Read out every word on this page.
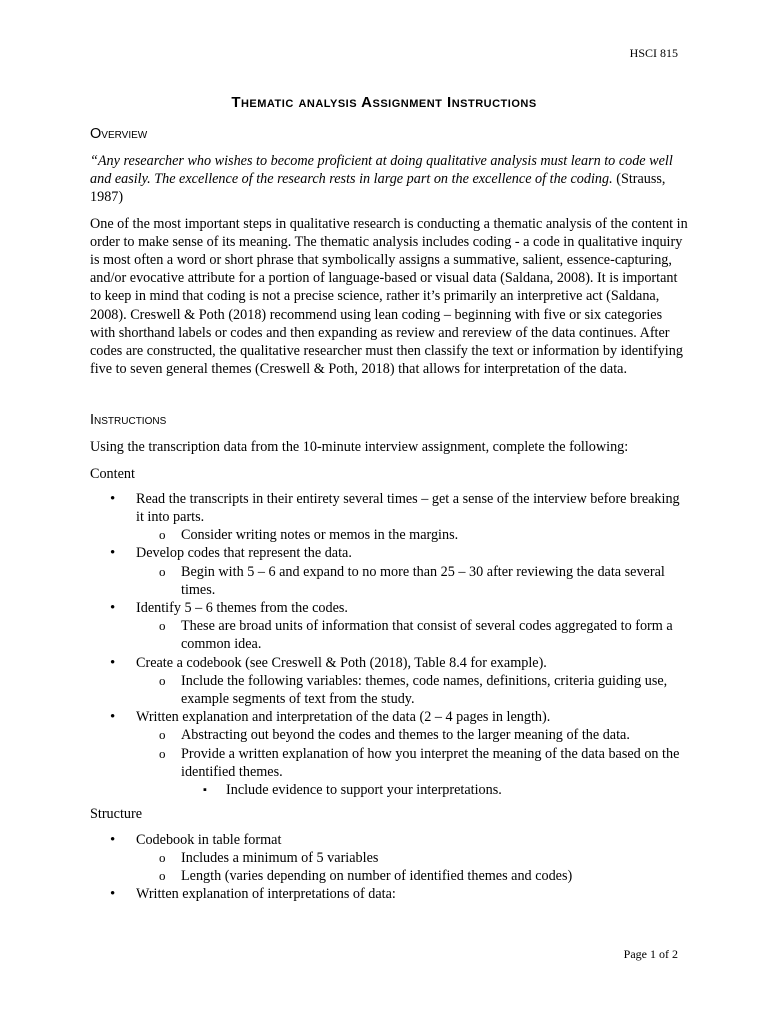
HSCI 815
Thematic analysis Assignment Instructions
Overview

“Any researcher who wishes to become proficient at doing qualitative analysis must learn to code well and easily. The excellence of the research rests in large part on the excellence of the coding. (Strauss, 1987)

One of the most important steps in qualitative research is conducting a thematic analysis of the content in order to make sense of its meaning. The thematic analysis includes coding - a code in qualitative inquiry is most often a word or short phrase that symbolically assigns a summative, salient, essence-capturing, and/or evocative attribute for a portion of language-based or visual data (Saldana, 2008). It is important to keep in mind that coding is not a precise science, rather it’s primarily an interpretive act (Saldana, 2008). Creswell & Poth (2018) recommend using lean coding – beginning with five or six categories with shorthand labels or codes and then expanding as review and rereview of the data continues. After codes are constructed, the qualitative researcher must then classify the text or information by identifying five to seven general themes (Creswell & Poth, 2018) that allows for interpretation of the data.

Instructions

Using the transcription data from the 10-minute interview assignment, complete the following:

Content

• Read the transcripts in their entirety several times – get a sense of the interview before breaking it into parts.
o Consider writing notes or memos in the margins.
• Develop codes that represent the data.
o Begin with 5 – 6 and expand to no more than 25 – 30 after reviewing the data several times.
• Identify 5 – 6 themes from the codes.
o These are broad units of information that consist of several codes aggregated to form a common idea.
• Create a codebook (see Creswell & Poth (2018), Table 8.4 for example).
o Include the following variables: themes, code names, definitions, criteria guiding use, example segments of text from the study.
• Written explanation and interpretation of the data (2 – 4 pages in length).
o Abstracting out beyond the codes and themes to the larger meaning of the data.
o Provide a written explanation of how you interpret the meaning of the data based on the identified themes.
▪ Include evidence to support your interpretations.

Structure

• Codebook in table format
o Includes a minimum of 5 variables
o Length (varies depending on number of identified themes and codes)
• Written explanation of interpretations of data:
Page 1 of 2
